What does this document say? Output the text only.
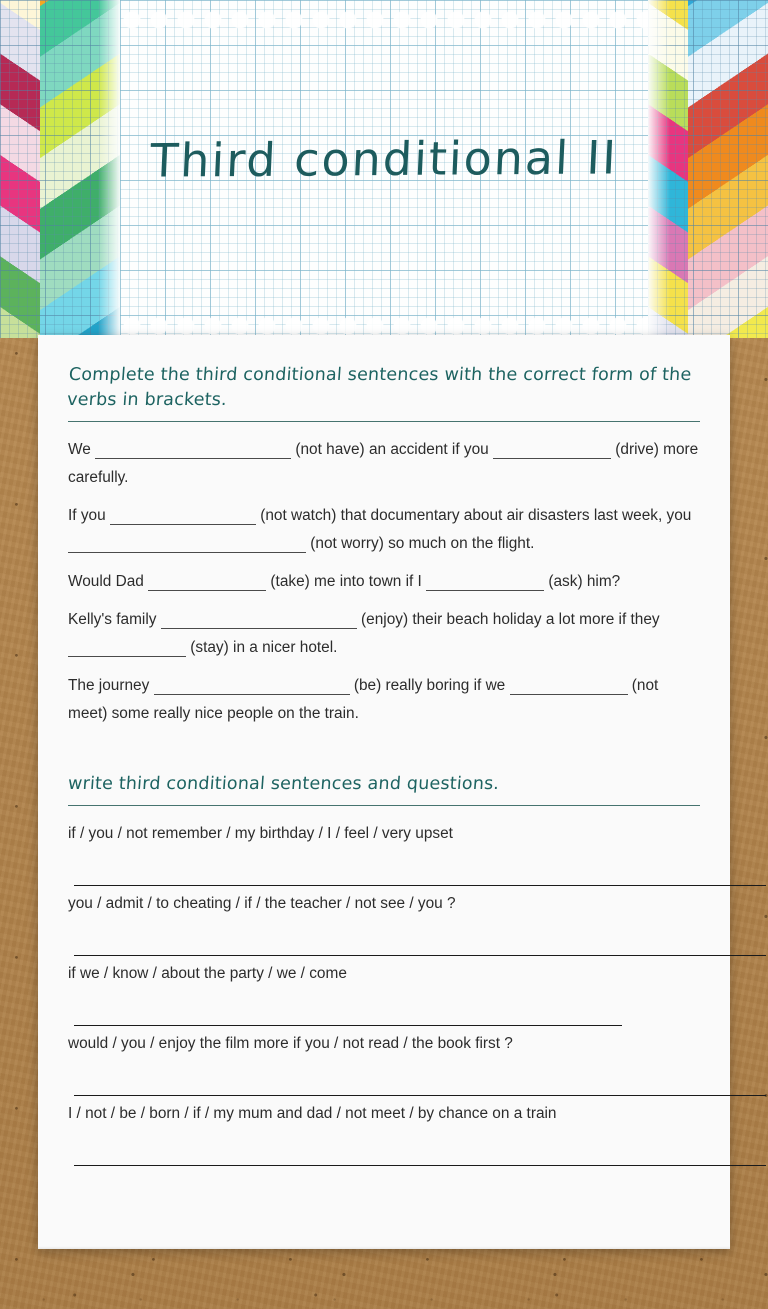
Third conditional II
Complete the third conditional sentences with the correct form of the verbs in brackets.
We	(not have) an accident if you	(drive) more carefully.
If you	(not watch) that documentary about air disasters last week, you  (not worry) so much on the flight.
Would Dad	(take) me into town if I	(ask) him?
Kelly's family	(enjoy) their beach holiday a lot more if they  (stay) in a nicer hotel.
The journey	(be) really boring if we	(not meet) some really nice people on the train.
write third conditional sentences and questions.
if / you / not remember / my birthday / I / feel / very upset
you / admit / to cheating / if / the teacher / not see / you ?
if we / know / about the party / we / come
would / you / enjoy the film more if you / not read / the book first ?
I / not / be / born / if / my mum and dad / not meet / by chance on a train
